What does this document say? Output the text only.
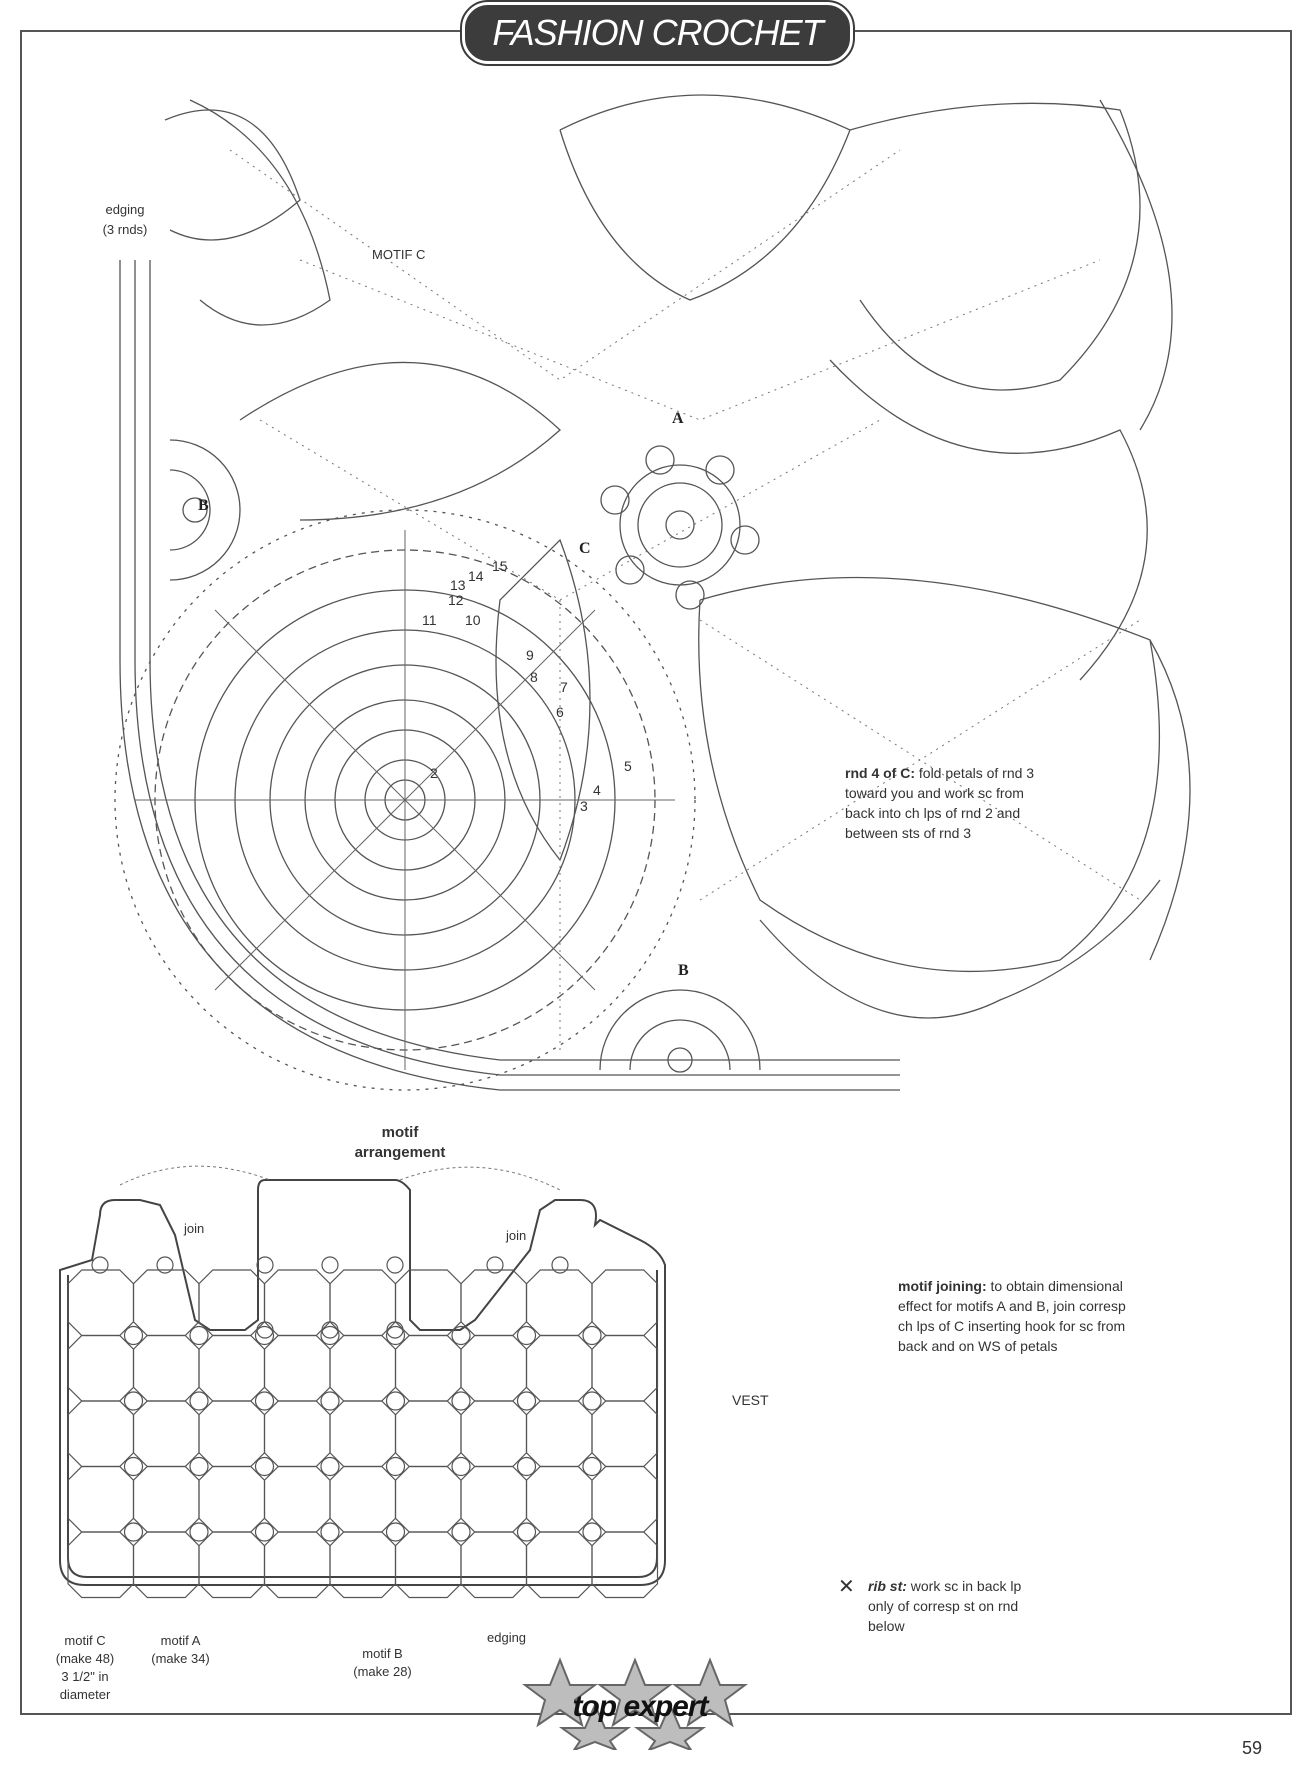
FASHION CROCHET
edging
(3 rnds)
MOTIF C
A
C
B
B
2
3
4
5
6
7
8
9
10
11
12
13
14
15
rnd 4 of C: fold petals of rnd 3
toward you and work sc from
back into ch lps of rnd 2 and
between sts of rnd 3
motif
arrangement
join	join
motif C
(make 48)
3 1/2" in
diameter
motif A
(make 34)	motif B
(make 28)
edging
motif joining: to obtain dimensional
effect for motifs A and B, join corresp
ch lps of C inserting hook for sc from
back and on WS of petals
VEST
✕ rib st: work sc in back lp
only of corresp st on rnd
below
top expert
59
